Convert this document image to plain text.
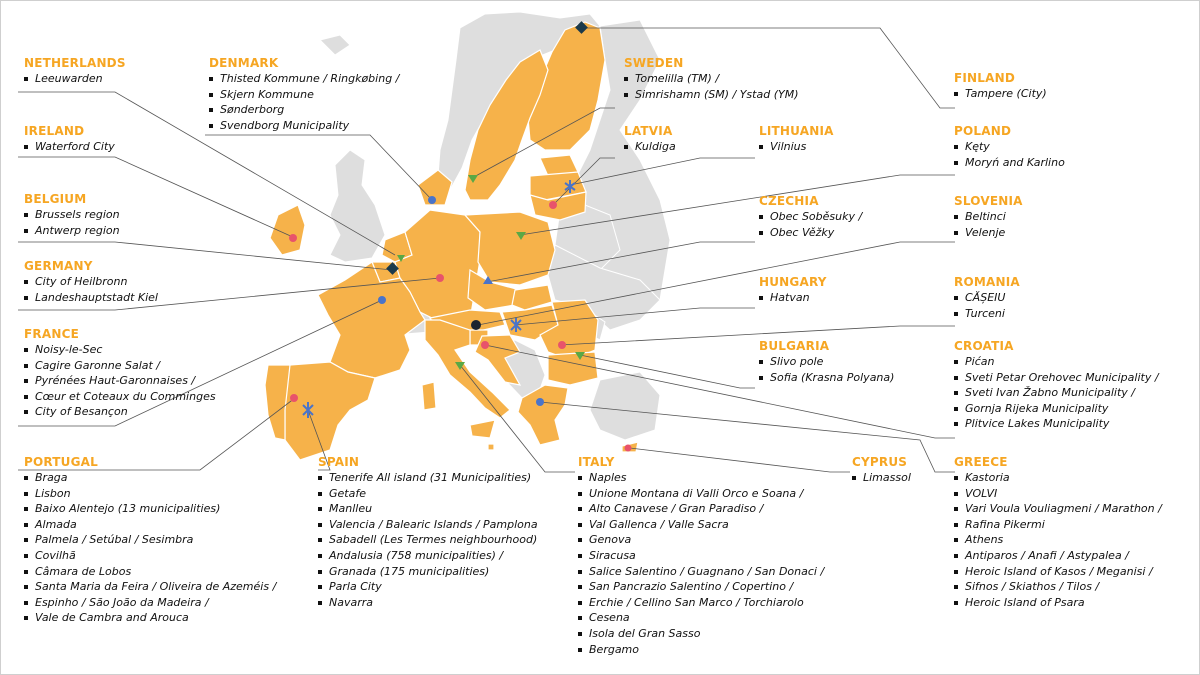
NETHERLANDS
Leeuwarden
IRELAND
Waterford City
BELGIUM
Brussels region
Antwerp region
GERMANY
City of Heilbronn
Landeshauptstadt Kiel
FRANCE
Noisy-le-Sec
Cagire Garonne Salat /
Pyrénées Haut-Garonnaises /
Cœur et Coteaux du Comminges
City of Besançon
PORTUGAL
Braga
Lisbon
Baixo Alentejo (13 municipalities)
Almada
Palmela / Setúbal / Sesimbra
Covilhã
Câmara de Lobos
Santa Maria da Feira / Oliveira de Azeméis /
Espinho / São João da Madeira /
Vale de Cambra and Arouca
DENMARK
Thisted Kommune / Ringkøbing /
Skjern Kommune
Sønderborg
Svendborg Municipality
SPAIN
Tenerife All island (31 Municipalities)
Getafe
Manlleu
Valencia / Balearic Islands / Pamplona
Sabadell (Les Termes neighbourhood)
Andalusia (758 municipalities) /
Granada (175 municipalities)
Parla City
Navarra
SWEDEN
Tomelilla (TM) /
Simrishamn (SM) / Ystad (YM)
LATVIA
Kuldiga
LITHUANIA
Vilnius
CZECHIA
Obec Soběsuky /
Obec Věžky
HUNGARY
Hatvan
BULGARIA
Slivo pole
Sofia (Krasna Polyana)
ITALY
Naples
Unione Montana di Valli Orco e Soana /
Alto Canavese / Gran Paradiso /
Val Gallenca / Valle Sacra
Genova
Siracusa
Salice Salentino / Guagnano / San Donaci /
San Pancrazio Salentino / Copertino /
Erchie / Cellino San Marco / Torchiarolo
Cesena
Isola del Gran Sasso
Bergamo
CYPRUS
Limassol
FINLAND
Tampere (City)
POLAND
Kęty
Moryń and Karlino
SLOVENIA
Beltinci
Velenje
ROMANIA
CĂȘEIU
Turceni
CROATIA
Pićan
Sveti Petar Orehovec Municipality /
Sveti Ivan Žabno Municipality /
Gornja Rijeka Municipality
Plitvice Lakes Municipality
GREECE
Kastoria
VOLVI
Vari Voula Vouliagmeni / Marathon /
Rafina Pikermi
Athens
Antiparos / Anafi / Astypalea /
Heroic Island of Kasos / Meganisi /
Sifnos / Skiathos / Tilos /
Heroic Island of Psara
